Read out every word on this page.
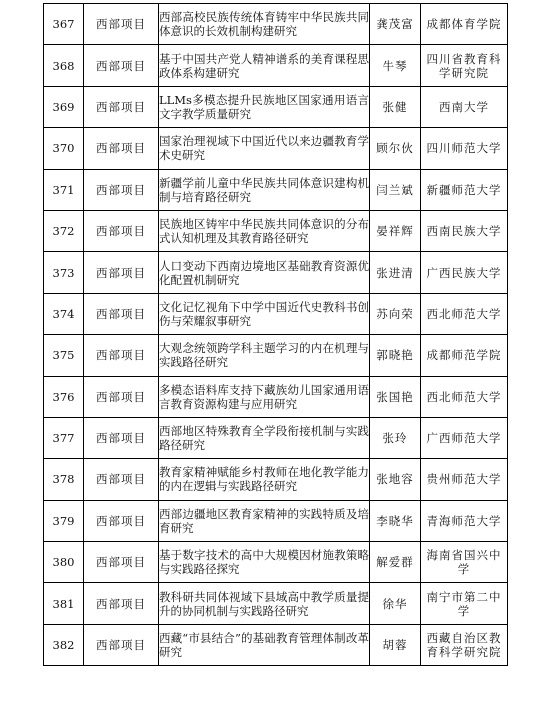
367	西部项目	西部高校民族传统体育铸牢中华民族共同体意识的长效机制构建研究	龚茂富	成都体育学院
368	西部项目	基于中国共产党人精神谱系的美育课程思政体系构建研究	牛琴	四川省教育科学研究院
369	西部项目	LLMs多模态提升民族地区国家通用语言文字教学质量研究	张健	西南大学
370	西部项目	国家治理视域下中国近代以来边疆教育学术史研究	顾尔伙	四川师范大学
371	西部项目	新疆学前儿童中华民族共同体意识建构机制与培育路径研究	闫兰斌	新疆师范大学
372	西部项目	民族地区铸牢中华民族共同体意识的分布式认知机理及其教育路径研究	晏祥辉	西南民族大学
373	西部项目	人口变动下西南边境地区基础教育资源优化配置机制研究	张进清	广西民族大学
374	西部项目	文化记忆视角下中学中国近代史教科书创伤与荣耀叙事研究	苏向荣	西北师范大学
375	西部项目	大观念统领跨学科主题学习的内在机理与实践路径研究	郭晓艳	成都师范学院
376	西部项目	多模态语料库支持下藏族幼儿国家通用语言教育资源构建与应用研究	张国艳	西北师范大学
377	西部项目	西部地区特殊教育全学段衔接机制与实践路径研究	张玲	广西师范大学
378	西部项目	教育家精神赋能乡村教师在地化教学能力的内在逻辑与实践路径研究	张地容	贵州师范大学
379	西部项目	西部边疆地区教育家精神的实践特质及培育研究	李晓华	青海师范大学
380	西部项目	基于数字技术的高中大规模因材施教策略与实践路径探究	解爱群	海南省国兴中学
381	西部项目	教科研共同体视域下县域高中教学质量提升的协同机制与实践路径研究	徐华	南宁市第二中学
382	西部项目	西藏“市县结合”的基础教育管理体制改革研究	胡蓉	西藏自治区教育科学研究院
